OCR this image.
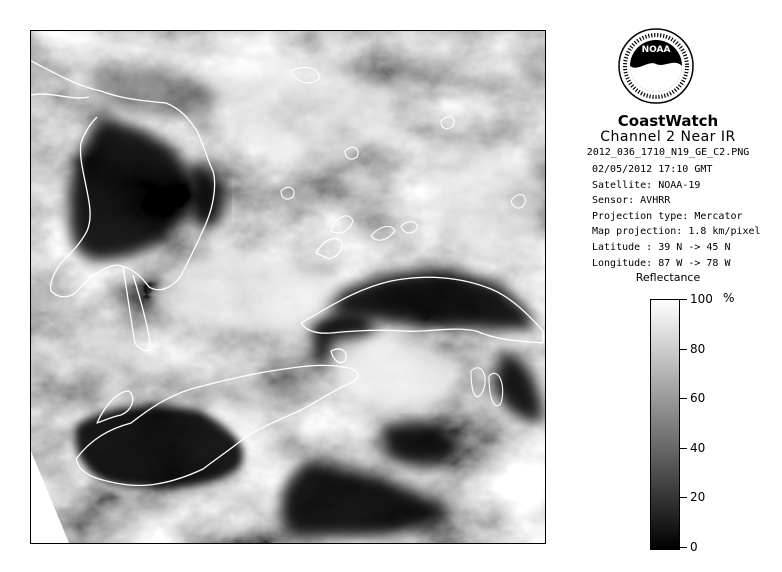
NOAA
CoastWatch
Channel 2 Near IR
2012_036_1710_N19_GE_C2.PNG
02/05/2012 17:10 GMT
Satellite: NOAA-19
Sensor: AVHRR
Projection type: Mercator
Map projection: 1.8 km/pixel
Latitude : 39 N -> 45 N
Longitude: 87 W -> 78 W
Reflectance
%
100
80
60
40
20
0
